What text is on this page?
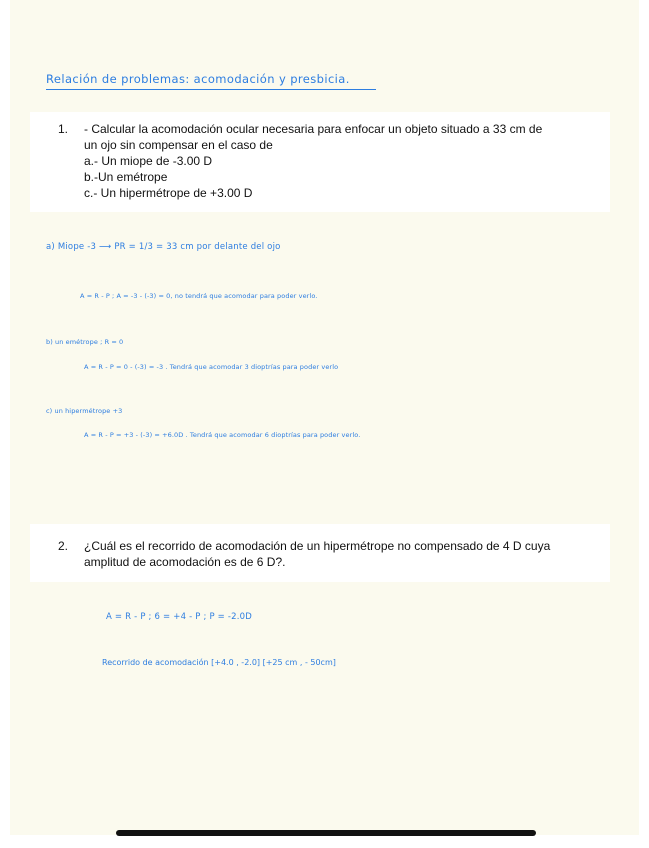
Relación de problemas: acomodación y presbicia.
1. - Calcular la acomodación ocular necesaria para enfocar un objeto situado a 33 cm de
un ojo sin compensar en el caso de
a.- Un miope de -3.00 D
b.-Un emétrope
c.- Un hipermétrope de +3.00 D
a) Miope -3 ⟶ PR = 1/3 = 33 cm por delante del ojo
A = R - P ; A = -3 - (-3) = 0, no tendrá que acomodar para poder verlo.
b) un emétrope ; R = 0
A = R - P = 0 - (-3) = -3 . Tendrá que acomodar 3 dioptrías para poder verlo
c) un hipermétrope +3
A = R - P = +3 - (-3) = +6.0D . Tendrá que acomodar 6 dioptrías para poder verlo.
2. ¿Cuál es el recorrido de acomodación de un hipermétrope no compensado de 4 D cuya
amplitud de acomodación es de 6 D?.
A = R - P ; 6 = +4 - P ; P = -2.0D
Recorrido de acomodación [+4.0 , -2.0] [+25 cm , - 50cm]
